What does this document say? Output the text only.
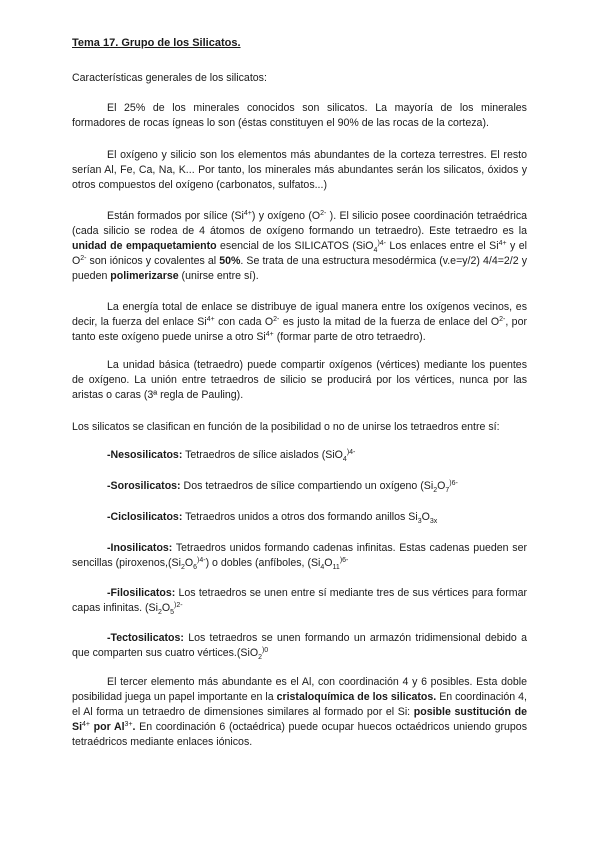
Tema 17. Grupo de los Silicatos.
Características generales de los silicatos:
El 25% de los minerales conocidos son silicatos. La mayoría de los minerales formadores de rocas ígneas lo son (éstas constituyen el 90% de las rocas de la corteza).
El oxígeno y silicio son los elementos más abundantes de la corteza terrestres. El resto serían Al, Fe, Ca, Na, K... Por tanto, los minerales más abundantes serán los silicatos, óxidos y otros compuestos del oxígeno (carbonatos, sulfatos...)
Están formados por sílice $(Si^{4+})$ y oxígeno ($O^{2-}$ ). El silicio posee coordinación tetraédrica (cada silicio se rodea de 4 átomos de oxígeno formando un tetraedro). Este tetraedro es la unidad de empaquetamiento esencial de los SILICATOS (SiO$_4^{)4-}$ Los enlaces entre el $Si^{4+}$ y el $O^{2-}$ son iónicos y covalentes al 50%. Se trata de una estructura mesodérmica (v.e=y/2) 4/4=2/2 y pueden polimerizarse (unirse entre sí).
La energía total de enlace se distribuye de igual manera entre los oxígenos vecinos, es decir, la fuerza del enlace $Si^{4+}$ con cada $O^{2-}$ es justo la mitad de la fuerza de enlace del $O^{2-}$, por tanto este oxígeno puede unirse a otro $Si^{4+}$ (formar parte de otro tetraedro).
La unidad básica (tetraedro) puede compartir oxígenos (vértices) mediante los puentes de oxígeno. La unión entre tetraedros de silicio se producirá por los vértices, nunca por las aristas o caras (3ª regla de Pauling).
Los silicatos se clasifican en función de la posibilidad o no de unirse los tetraedros entre sí:
-Nesosilicatos: Tetraedros de sílice aislados (SiO$_4^{)4-}$
-Sorosilicatos: Dos tetraedros de sílice compartiendo un oxígeno ($Si_2O_7^{)6-}$
-Ciclosilicatos: Tetraedros unidos a otros dos formando anillos $Si_3O_{3x}$
-Inosilicatos: Tetraedros unidos formando cadenas infinitas. Estas cadenas pueden ser sencillas ($piroxenos,(Si_2O_6^{)4-})$ o dobles (anfíboles, ($Si_4O_{11}^{)6-}$
-Filosilicatos: Los tetraedros se unen entre sí mediante tres de sus vértices para formar capas infinitas. ($Si_2O_5^{)2-}$
-Tectosilicatos: Los tetraedros se unen formando un armazón tridimensional debido a que comparten sus cuatro vértices.(SiO$_2^{)0}$
El tercer elemento más abundante es el Al, con coordinación 4 y 6 posibles. Esta doble posibilidad juega un papel importante en la cristaloquímica de los silicatos. En coordinación 4, el Al forma un tetraedro de dimensiones similares al formado por el Si: posible sustitución de $Si^{4+}$ por $Al^{3+}$. En coordinación 6 (octaédrica) puede ocupar huecos octaédricos uniendo grupos tetraédricos mediante enlaces iónicos.
